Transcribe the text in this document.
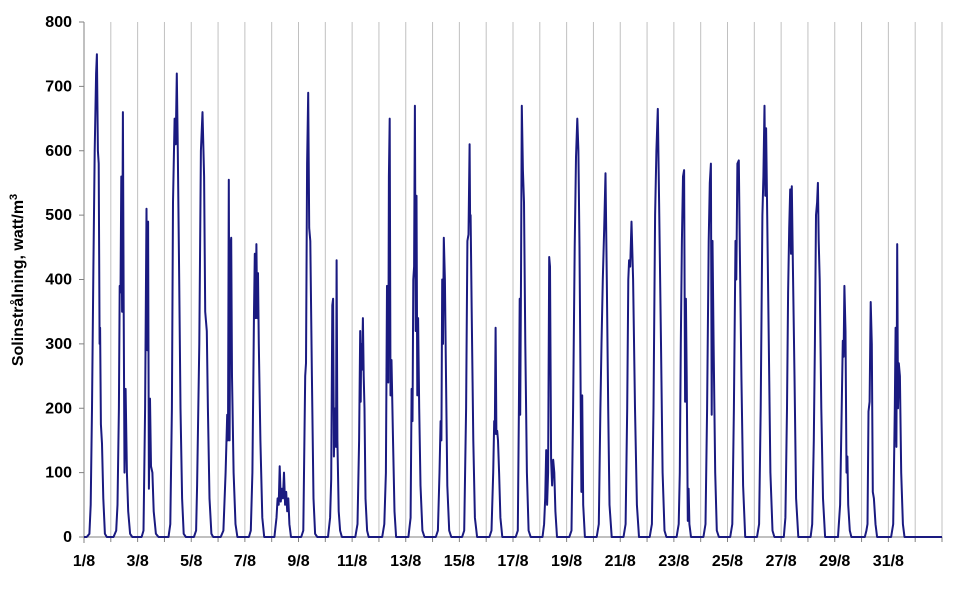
0
100
200
300
400
500
600
700
800
1/8 3/8 5/8 7/8 9/8 11/8 13/8 15/8 17/8 19/8 21/8 23/8 25/8 27/8 29/8 31/8
Solinstrålning, watt/$m^3$
